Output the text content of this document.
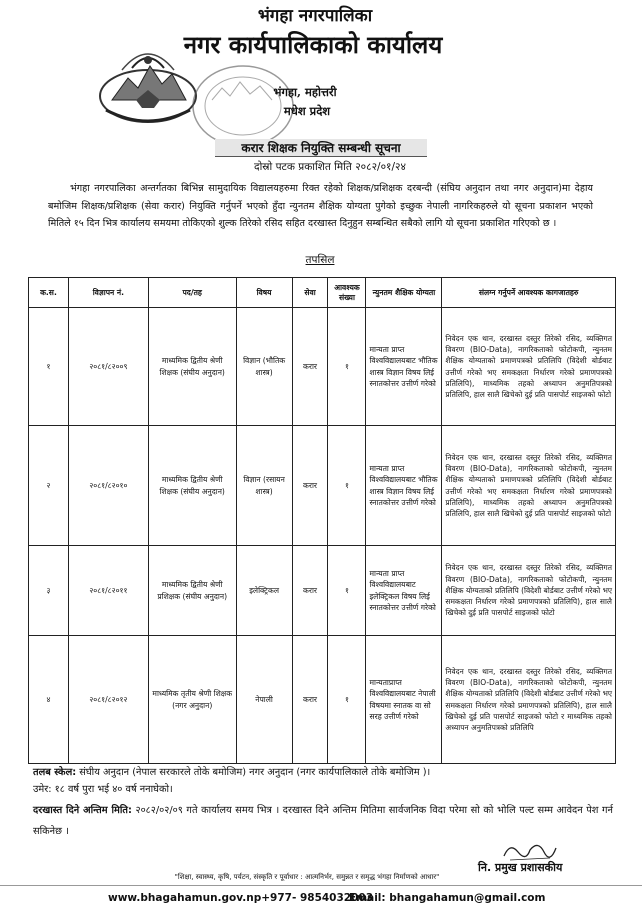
भंगहा नगरपालिका
नगर कार्यपालिकाको कार्यालय
भंगहा, महोत्तरी
मधेश प्रदेश
करार शिक्षक नियुक्ति सम्बन्धी सूचना
दोस्रो पटक प्रकाशित मिति २०८२/०१/२४

भंगहा नगरपालिका अन्तर्गतका बिभिन्न सामुदायिक विद्यालयहरुमा रिक्त रहेको शिक्षक/प्रशिक्षक दरबन्दी (संघिय अनुदान तथा नगर अनुदान)मा देहाय बमोजिम शिक्षक/प्रशिक्षक (सेवा करार) नियुक्ति गर्नुपर्ने भएको हुँदा न्युनतम शैक्षिक योग्यता पुगेको इच्छुक नेपाली नागरिकहरुले यो सूचना प्रकाशन भएको मितिले १५ दिन भित्र कार्यालय समयमा तोकिएको शुल्क तिरेको रसिद सहित दरखास्त दिनुहुन सम्बन्धित सबैको लागि यो सूचना प्रकाशित गरिएको छ ।

तपसिल
क.स.	विज्ञापन नं.	पद/तह	विषय	सेवा	आवश्यक संख्या	न्युनतम शैक्षिक योग्यता	संलग्न गर्नुपर्ने आवश्यक कागजातहरु
१	२०८१/८२००९	माध्यमिक द्वितीय श्रेणी शिक्षक (संघीय अनुदान)	विज्ञान (भौतिक शास्त्र)	करार	१	मान्यता प्राप्त विश्वविद्यालयबाट भौतिक शास्त्र विज्ञान विषय लिई स्नातकोत्तर उत्तीर्ण गरेको	निवेदन एक थान, दरखास्त दस्तुर तिरेको रसिद, व्यक्तिगत विवरण (BIO-Data), नागरिकताको फोटोकपी, न्युनतम शैक्षिक योग्यताको प्रमाणपत्रको प्रतिलिपि (विदेशी बोर्डबाट उत्तीर्ण गरेको भए समकक्षता निर्धारण गरेको प्रमाणपत्रको प्रतिलिपि), माध्यमिक तहको अध्यापन अनुमतिपत्रको प्रतिलिपि, हाल सालै खिचेको दुई प्रति पासपोर्ट साइजको फोटो
२	२०८१/८२०१०	माध्यमिक द्वितीय श्रेणी शिक्षक (संघीय अनुदान)	विज्ञान (रसायन शास्त्र)	करार	१	मान्यता प्राप्त विश्वविद्यालयबाट भौतिक शास्त्र विज्ञान विषय लिई स्नातकोत्तर उत्तीर्ण गरेको	निवेदन एक थान, दरखास्त दस्तुर तिरेको रसिद, व्यक्तिगत विवरण (BIO-Data), नागरिकताको फोटोकपी, न्युनतम शैक्षिक योग्यताको प्रमाणपत्रको प्रतिलिपि (विदेशी बोर्डबाट उत्तीर्ण गरेको भए समकक्षता निर्धारण गरेको प्रमाणपत्रको प्रतिलिपि), माध्यमिक तहको अध्यापन अनुमतिपत्रको प्रतिलिपि, हाल सालै खिचेको दुई प्रति पासपोर्ट साइजको फोटो
३	२०८१/८२०११	माध्यमिक द्वितीय श्रेणी प्रशिक्षक (संघीय अनुदान)	इलेक्ट्रिकल	करार	१	मान्यता प्राप्त विश्वविद्यालयबाट इलेक्ट्रिकल विषय लिई स्नातकोत्तर उत्तीर्ण गरेको	निवेदन एक थान, दरखास्त दस्तुर तिरेको रसिद, व्यक्तिगत विवरण (BIO-Data), नागरिकताको फोटोकपी, न्युनतम शैक्षिक योग्यताको प्रतिलिपि (विदेशी बोर्डबाट उत्तीर्ण गरेको भए समकक्षता निर्धारण गरेको प्रमाणपत्रको प्रतिलिपि), हाल सालै खिचेको दुई प्रति पासपोर्ट साइजको फोटो
४	२०८१/८२०१२	माध्यमिक तृतीय श्रेणी शिक्षक (नगर अनुदान)	नेपाली	करार	१	मान्यताप्राप्त विश्वविद्यालयबाट नेपाली विषयमा स्नातक वा सो सरह उत्तीर्ण गरेको	निवेदन एक थान, दरखास्त दस्तुर तिरेको रसिद, व्यक्तिगत विवरण (BIO-Data), नागरिकताको फोटोकपी, न्युनतम शैक्षिक योग्यताको प्रतिलिपि (विदेशी बोर्डबाट उत्तीर्ण गरेको भए समकक्षता निर्धारण गरेको प्रमाणपत्रको प्रतिलिपि), हाल सालै खिचेको दुई प्रति पासपोर्ट साइजको फोटो र माध्यमिक तहको अध्यापन अनुमतिपत्रको प्रतिलिपि
तलब स्केल: संघीय अनुदान (नेपाल सरकारले तोके बमोजिम) नगर अनुदान (नगर कार्यपालिकाले तोके बमोजिम )।
उमेर: १८ वर्ष पुरा भई ४० वर्ष ननाघेको।
दरखास्त दिने अन्तिम मिति: २०८२/०२/०९ गते कार्यालय समय भित्र । दरखास्त दिने अन्तिम मितिमा सार्वजनिक विदा परेमा सो को भोलि पल्ट सम्म आवेदन पेश गर्न सकिनेछ ।
नि. प्रमुख प्रशासकीय
"शिक्षा, स्वास्थ्य, कृषि, पर्यटन, संस्कृति र पूर्वाधार : आत्मनिर्भर, समुन्नत र समृद्ध भंगहा निर्माणको आधार"
www.bhagahamun.gov.np+977- 9854032003
Email: bhangahamun@gmail.com
